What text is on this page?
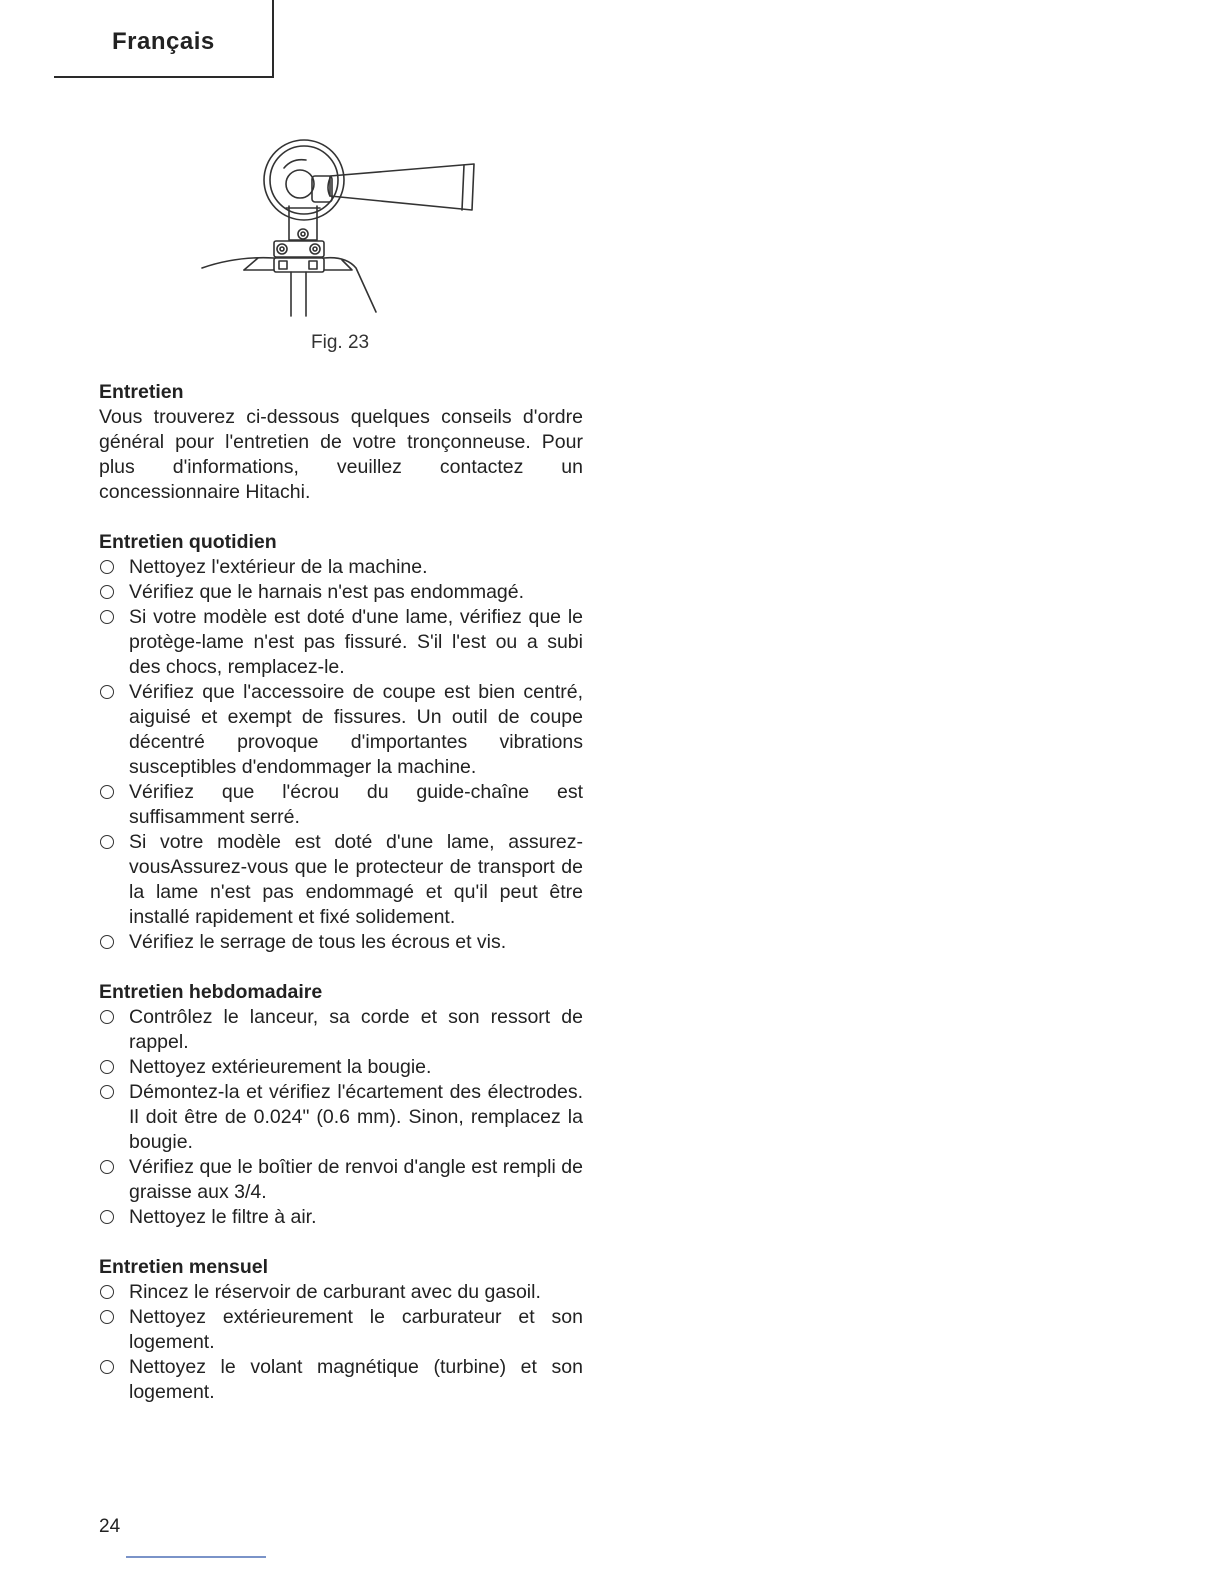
Français
Fig. 23

Entretien

Vous trouverez ci-dessous quelques conseils d'ordre général pour l'entretien de votre tronçonneuse. Pour plus d'informations, veuillez contactez un concessionnaire Hitachi.

Entretien quotidien

Nettoyez l'extérieur de la machine.
Vérifiez que le harnais n'est pas endommagé.
Si votre modèle est doté d'une lame, vérifiez que le protège-lame n'est pas fissuré. S'il l'est ou a subi des chocs, remplacez-le.
Vérifiez que l'accessoire de coupe est bien centré, aiguisé et exempt de fissures. Un outil de coupe décentré provoque d'importantes vibrations susceptibles d'endommager la machine.
Vérifiez que l'écrou du guide-chaîne est suffisamment serré.
Si votre modèle est doté d'une lame, assurez-vousAssurez-vous que le protecteur de transport de la lame n'est pas endommagé et qu'il peut être installé rapidement et fixé solidement.
Vérifiez le serrage de tous les écrous et vis.

Entretien hebdomadaire

Contrôlez le lanceur, sa corde et son ressort de rappel.
Nettoyez extérieurement la bougie.
Démontez-la et vérifiez l'écartement des électrodes. Il doit être de 0.024" (0.6 mm). Sinon, remplacez la bougie.
Vérifiez que le boîtier de renvoi d'angle est rempli de graisse aux 3/4.
Nettoyez le filtre à air.

Entretien mensuel

Rincez le réservoir de carburant avec du gasoil.
Nettoyez extérieurement le carburateur et son logement.
Nettoyez le volant magnétique (turbine) et son logement.
24
